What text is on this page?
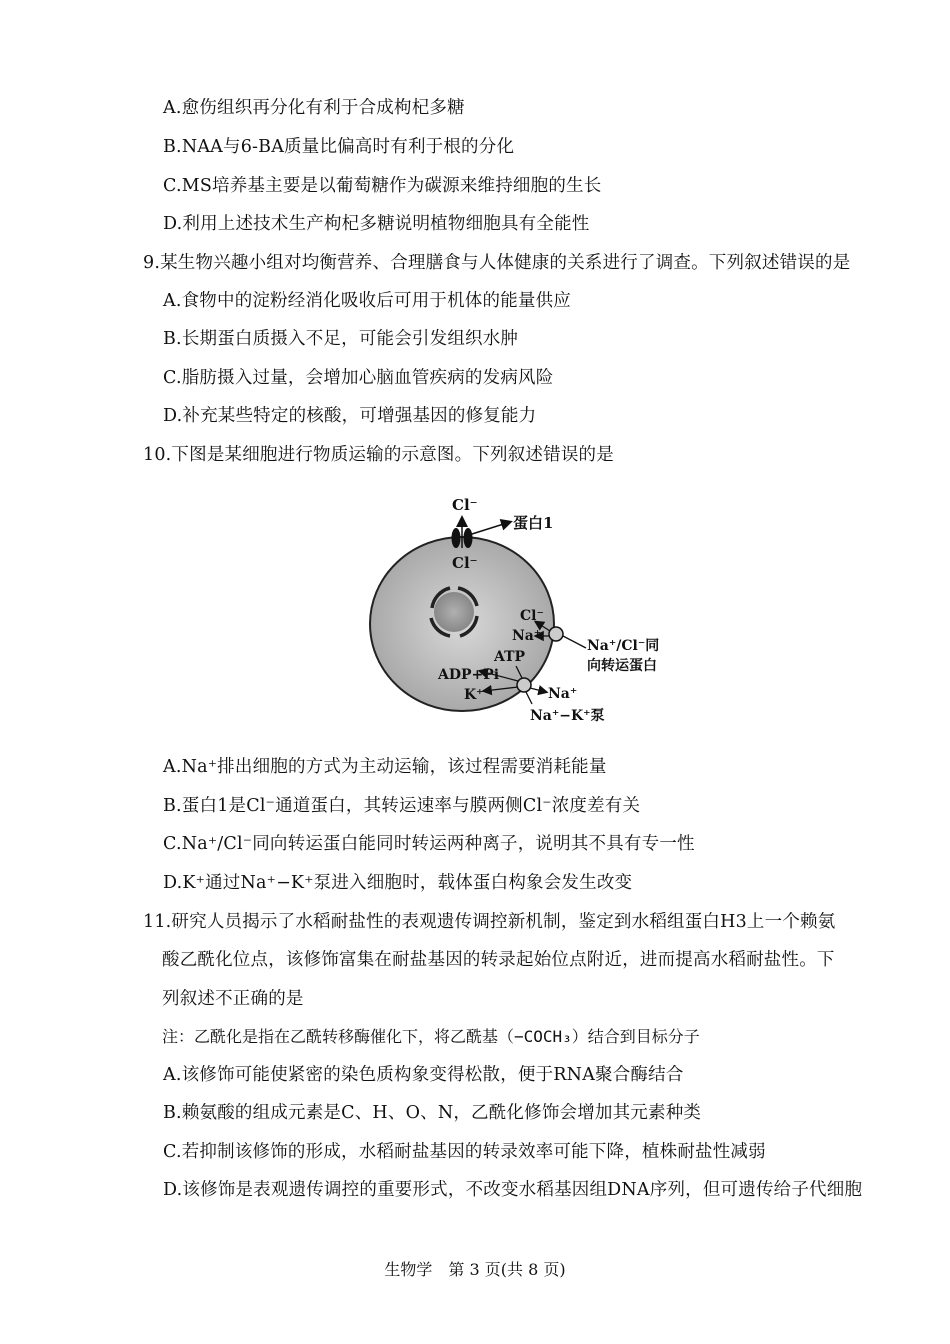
A.愈伤组织再分化有利于合成枸杞多糖
B.NAA与6-BA质量比偏高时有利于根的分化
C.MS培养基主要是以葡萄糖作为碳源来维持细胞的生长
D.利用上述技术生产枸杞多糖说明植物细胞具有全能性
9.某生物兴趣小组对均衡营养、合理膳食与人体健康的关系进行了调查。下列叙述错误的是
A.食物中的淀粉经消化吸收后可用于机体的能量供应
B.长期蛋白质摄入不足，可能会引发组织水肿
C.脂肪摄入过量，会增加心脑血管疾病的发病风险
D.补充某些特定的核酸，可增强基因的修复能力
10.下图是某细胞进行物质运输的示意图。下列叙述错误的是
Cl⁻
蛋白1
Cl⁻
Cl⁻
Na⁺
Na⁺/Cl⁻同
向转运蛋白
ATP
ADP+Pi
K⁺	Na⁺
Na⁺−K⁺泵
A.Na⁺排出细胞的方式为主动运输，该过程需要消耗能量
B.蛋白1是Cl⁻通道蛋白，其转运速率与膜两侧Cl⁻浓度差有关
C.Na⁺/Cl⁻同向转运蛋白能同时转运两种离子，说明其不具有专一性
D.K⁺通过Na⁺−K⁺泵进入细胞时，载体蛋白构象会发生改变
11.研究人员揭示了水稻耐盐性的表观遗传调控新机制，鉴定到水稻组蛋白H3上一个赖氨
酸乙酰化位点，该修饰富集在耐盐基因的转录起始位点附近，进而提高水稻耐盐性。下
列叙述不正确的是
注：乙酰化是指在乙酰转移酶催化下，将乙酰基（−COCH₃）结合到目标分子
A.该修饰可能使紧密的染色质构象变得松散，便于RNA聚合酶结合
B.赖氨酸的组成元素是C、H、O、N，乙酰化修饰会增加其元素种类
C.若抑制该修饰的形成，水稻耐盐基因的转录效率可能下降，植株耐盐性减弱
D.该修饰是表观遗传调控的重要形式，不改变水稻基因组DNA序列，但可遗传给子代细胞
生物学　第 3 页(共 8 页)
